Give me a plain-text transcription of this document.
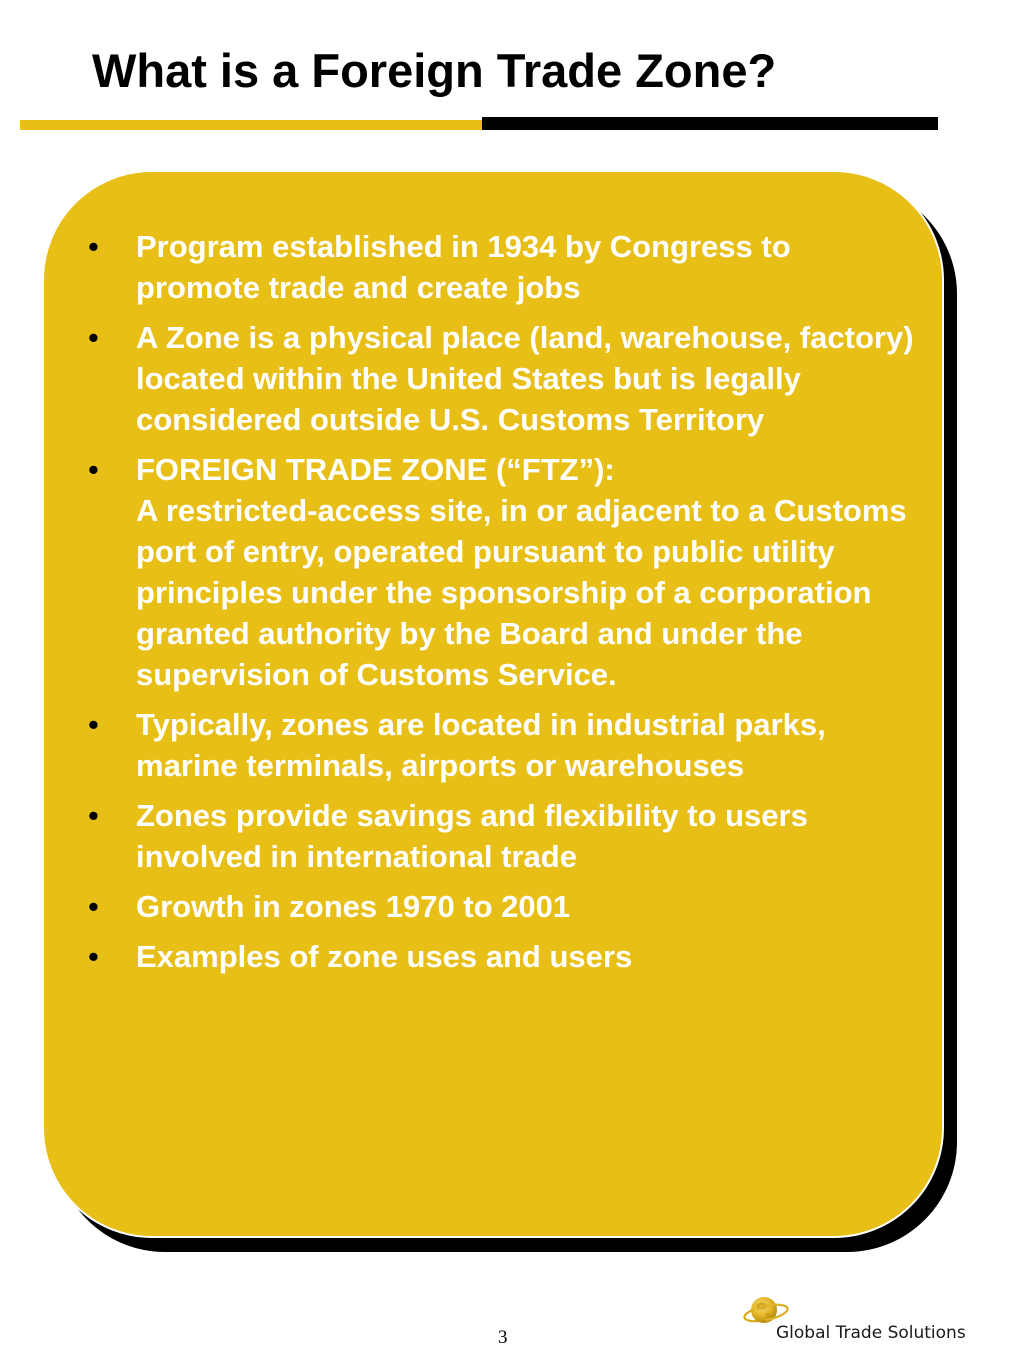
What is a Foreign Trade Zone?
•	Program established in 1934 by Congress to promote trade and create jobs
•	A Zone is a physical place (land, warehouse, factory) located within the United States but is legally considered outside U.S. Customs Territory
•	FOREIGN TRADE ZONE (“FTZ”):
A restricted-access site, in or adjacent to a Customs port of entry, operated pursuant to public utility principles under the sponsorship of a corporation granted authority by the Board and under the supervision of Customs Service.
•	Typically, zones are located in industrial parks, marine terminals, airports or warehouses
•	Zones provide savings and flexibility to users involved in international trade
•	Growth in zones 1970 to 2001
•	Examples of zone uses and users
3	Global Trade Solutions
